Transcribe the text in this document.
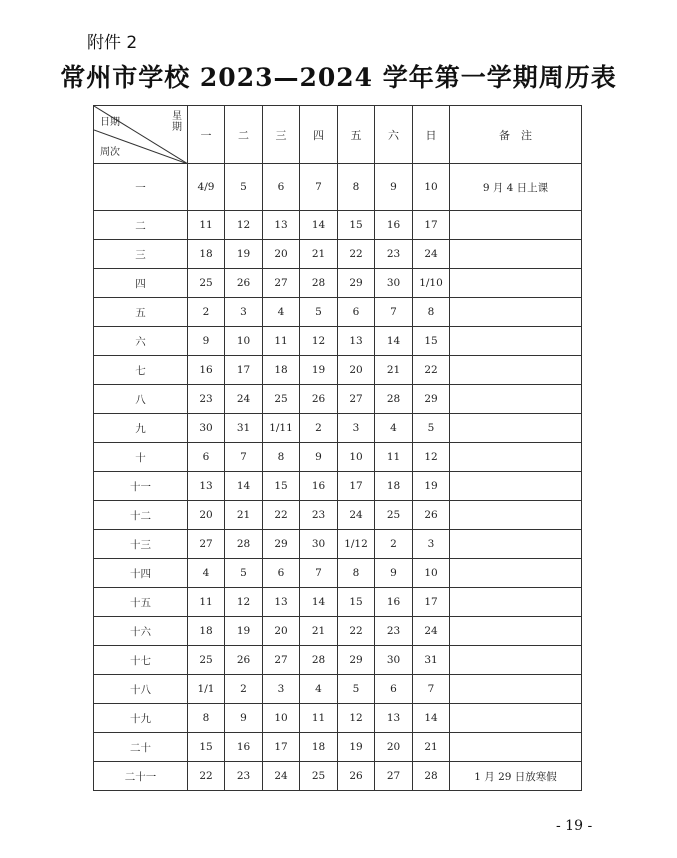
附件 2
常州市学校 2023—2024 学年第一学期周历表
星期
日期
周次	一	二	三	四	五	六	日	备　注
一	4/9	5	6	7	8	9	10	9 月 4 日上课
二	11	12	13	14	15	16	17	
三	18	19	20	21	22	23	24	
四	25	26	27	28	29	30	1/10	
五	2	3	4	5	6	7	8	
六	9	10	11	12	13	14	15	
七	16	17	18	19	20	21	22	
八	23	24	25	26	27	28	29	
九	30	31	1/11	2	3	4	5	
十	6	7	8	9	10	11	12	
十一	13	14	15	16	17	18	19	
十二	20	21	22	23	24	25	26	
十三	27	28	29	30	1/12	2	3	
十四	4	5	6	7	8	9	10	
十五	11	12	13	14	15	16	17	
十六	18	19	20	21	22	23	24	
十七	25	26	27	28	29	30	31	
十八	1/1	2	3	4	5	6	7	
十九	8	9	10	11	12	13	14	
二十	15	16	17	18	19	20	21	
二十一	22	23	24	25	26	27	28	1 月 29 日放寒假
- 19 -
